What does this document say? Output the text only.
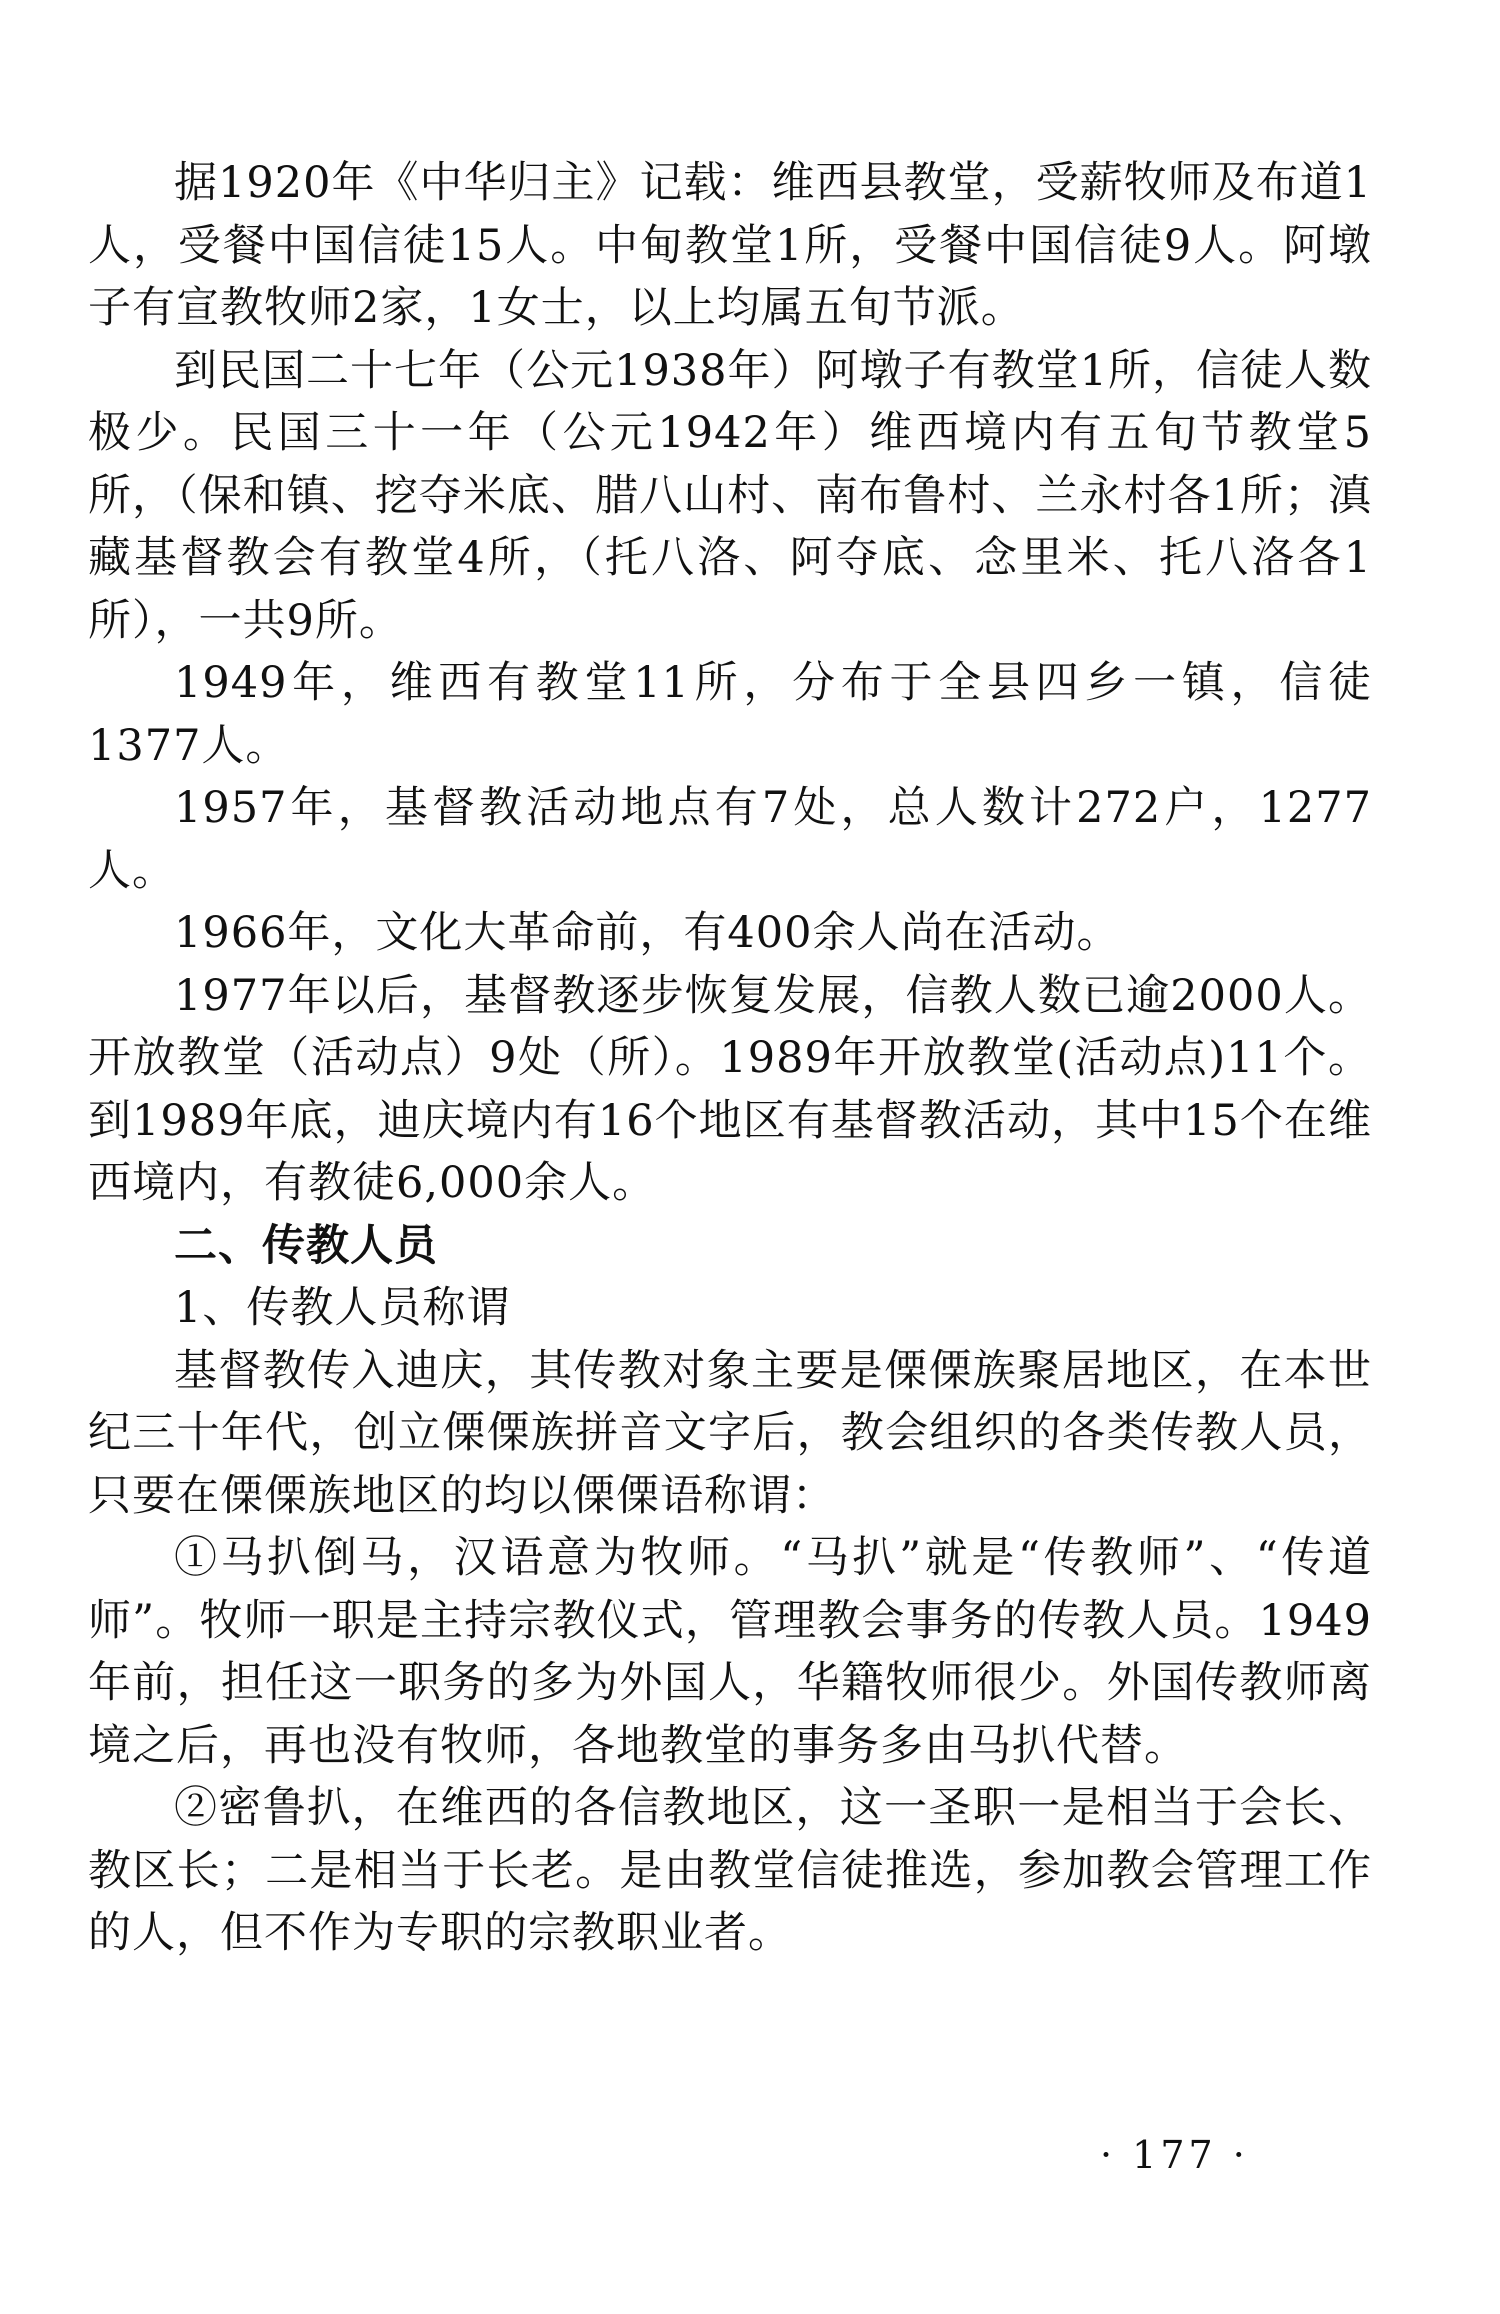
据1920年《中华归主》记载：维西县教堂，受薪牧师及布道1人，受餐中国信徒15人。中甸教堂1所，受餐中国信徒9人。阿墩子有宣教牧师2家，1女士，以上均属五旬节派。

到民国二十七年（公元1938年）阿墩子有教堂1所，信徒人数极少。民国三十一年（公元1942年）维西境内有五旬节教堂5所，（保和镇、挖夺米底、腊八山村、南布鲁村、兰永村各1所；滇藏基督教会有教堂4所，（托八洛、阿夺底、念里米、托八洛各1所），一共9所。

1949年，维西有教堂11所，分布于全县四乡一镇，信徒1377人。

1957年，基督教活动地点有7处，总人数计272户，1277人。

1966年，文化大革命前，有400余人尚在活动。

1977年以后，基督教逐步恢复发展，信教人数已逾2000人。开放教堂（活动点）9处（所）。1989年开放教堂(活动点)11个。到1989年底，迪庆境内有16个地区有基督教活动，其中15个在维西境内，有教徒6,000余人。

二、传教人员

1、传教人员称谓

基督教传入迪庆，其传教对象主要是傈傈族聚居地区，在本世纪三十年代，创立傈傈族拼音文字后，教会组织的各类传教人员，只要在傈傈族地区的均以傈傈语称谓：

①马扒倒马，汉语意为牧师。“马扒”就是“传教师”、“传道师”。牧师一职是主持宗教仪式，管理教会事务的传教人员。1949年前，担任这一职务的多为外国人，华籍牧师很少。外国传教师离境之后，再也没有牧师，各地教堂的事务多由马扒代替。

②密鲁扒，在维西的各信教地区，这一圣职一是相当于会长、教区长；二是相当于长老。是由教堂信徒推选，参加教会管理工作的人，但不作为专职的宗教职业者。

· 177 ·
